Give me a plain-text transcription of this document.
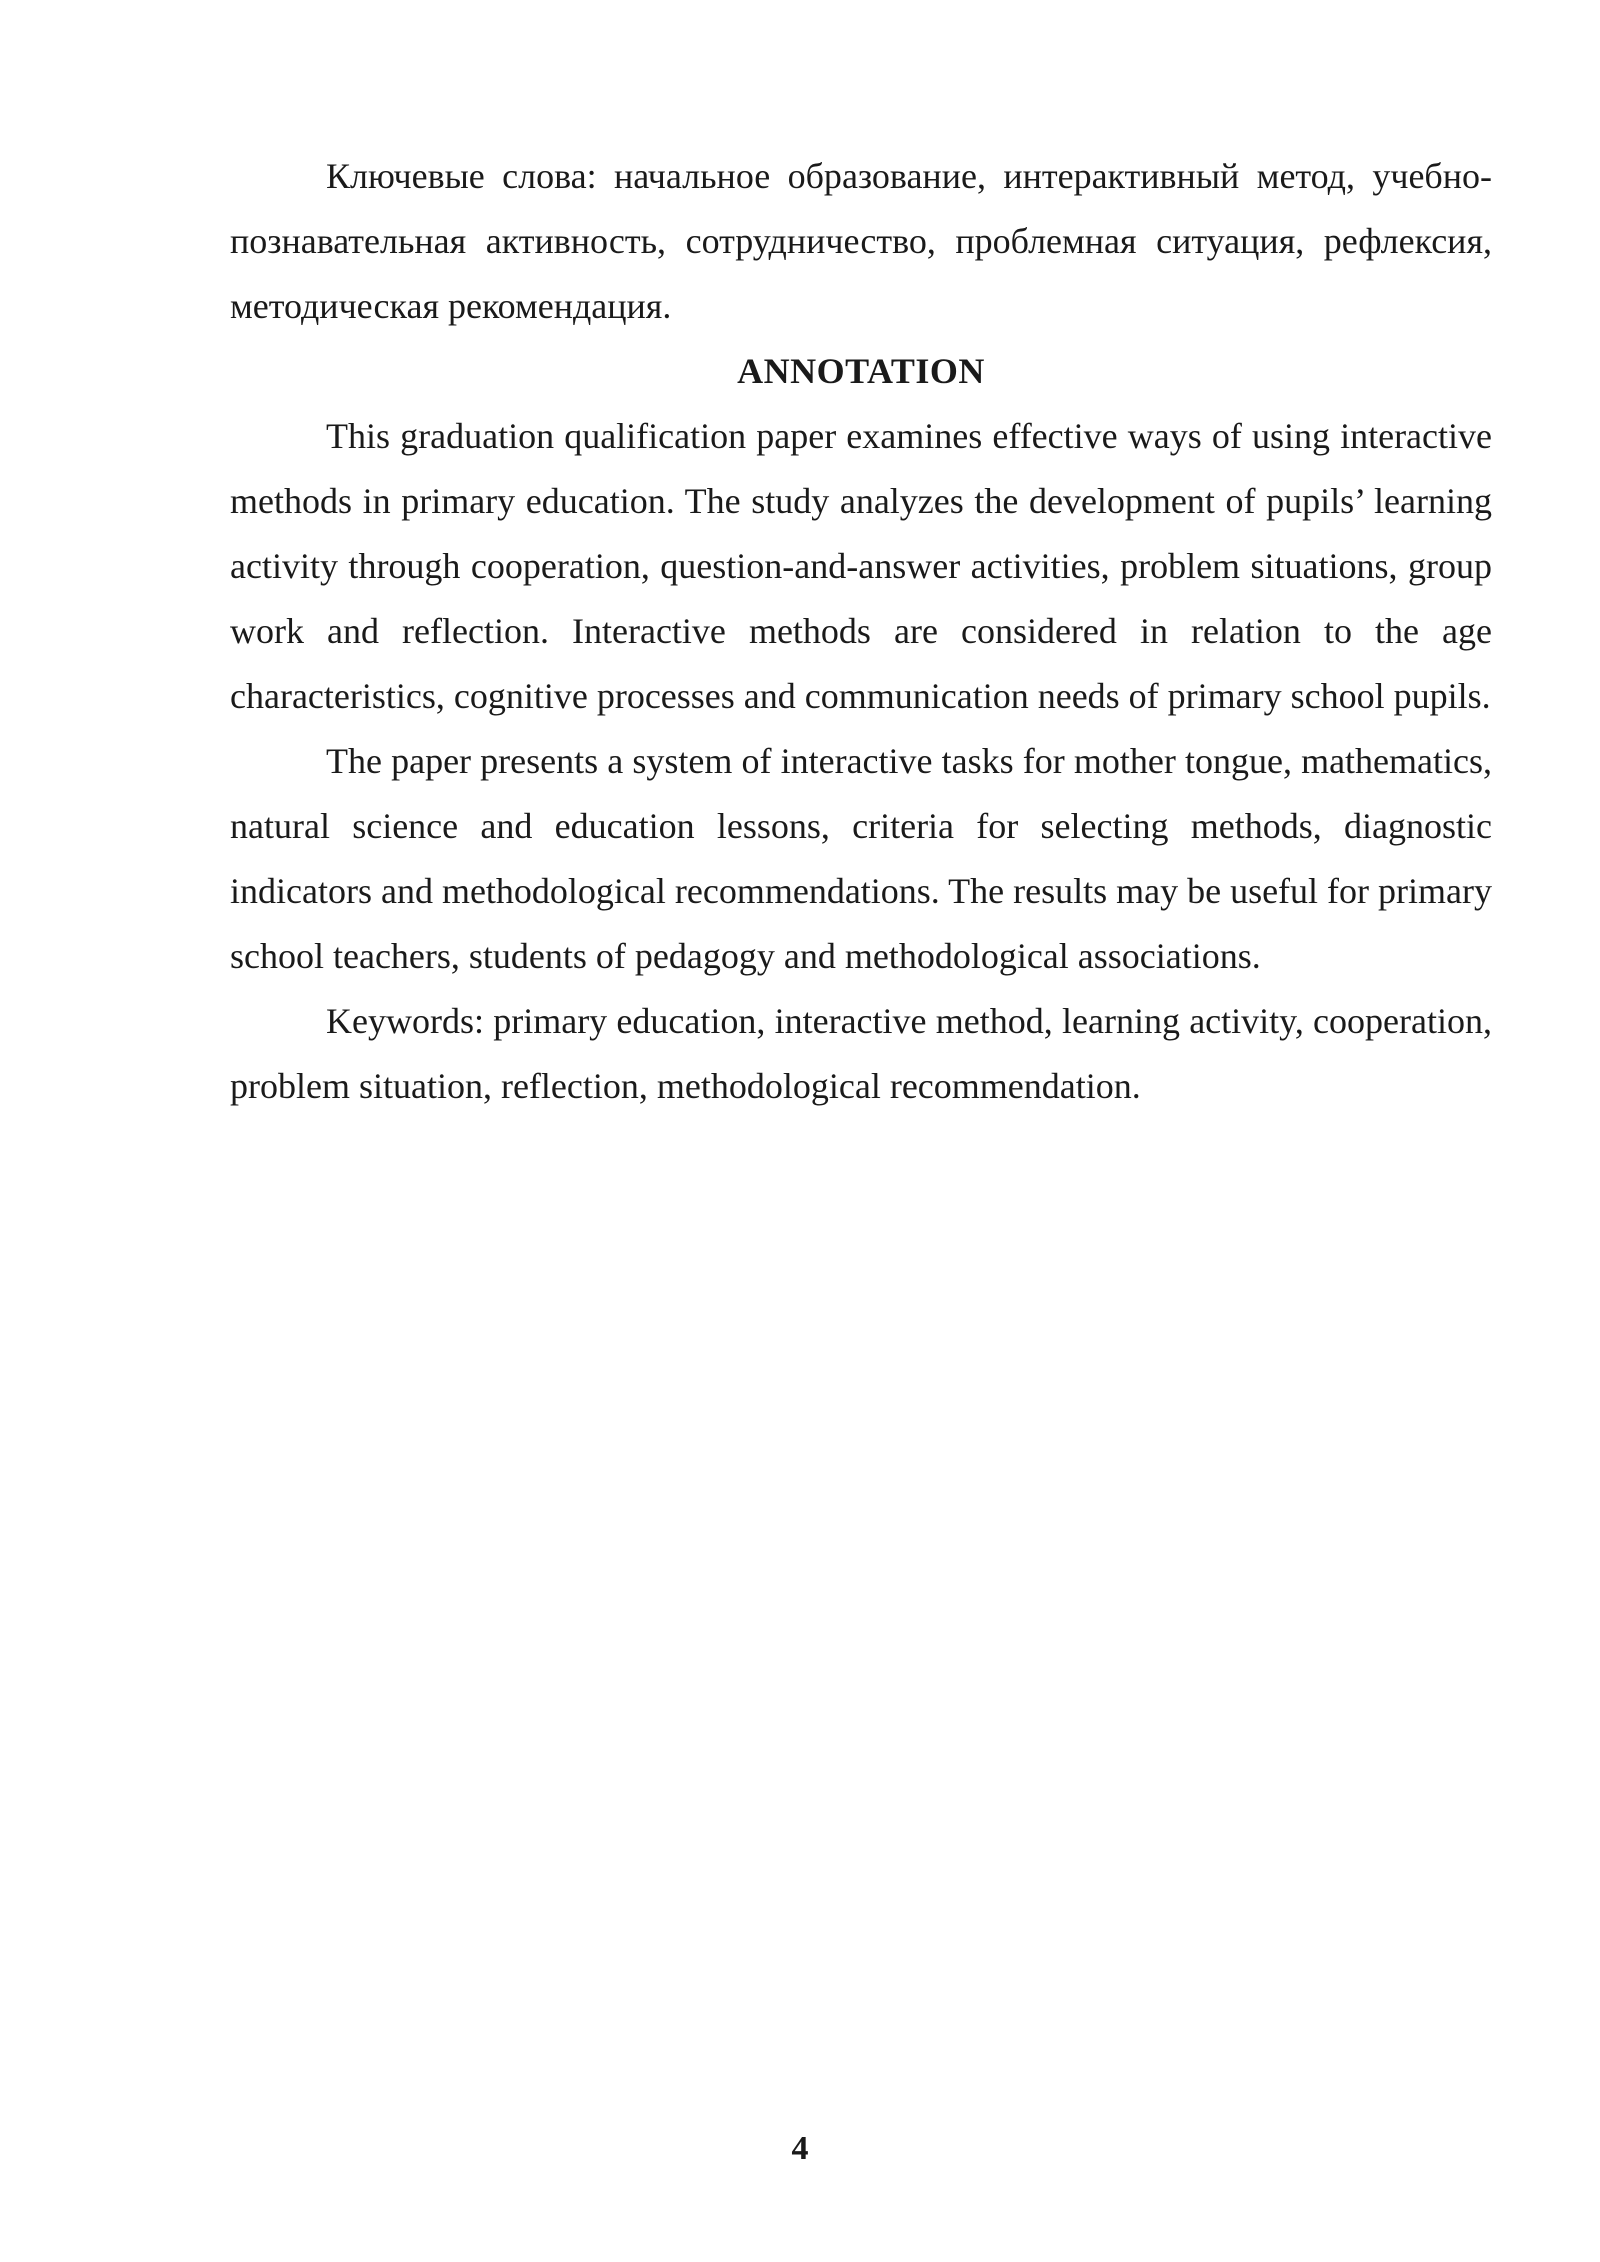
Ключевые слова: начальное образование, интерактивный метод, учебно-познавательная активность, сотрудничество, проблемная ситуация, рефлексия, методическая рекомендация.

ANNOTATION

This graduation qualification paper examines effective ways of using interactive methods in primary education. The study analyzes the development of pupils’ learning activity through cooperation, question-and-answer activities, problem situations, group work and reflection. Interactive methods are considered in relation to the age characteristics, cognitive processes and communication needs of primary school pupils.

The paper presents a system of interactive tasks for mother tongue, mathematics, natural science and education lessons, criteria for selecting methods, diagnostic indicators and methodological recommendations. The results may be useful for primary school teachers, students of pedagogy and methodological associations.

Keywords: primary education, interactive method, learning activity, cooperation, problem situation, reflection, methodological recommendation.

4
